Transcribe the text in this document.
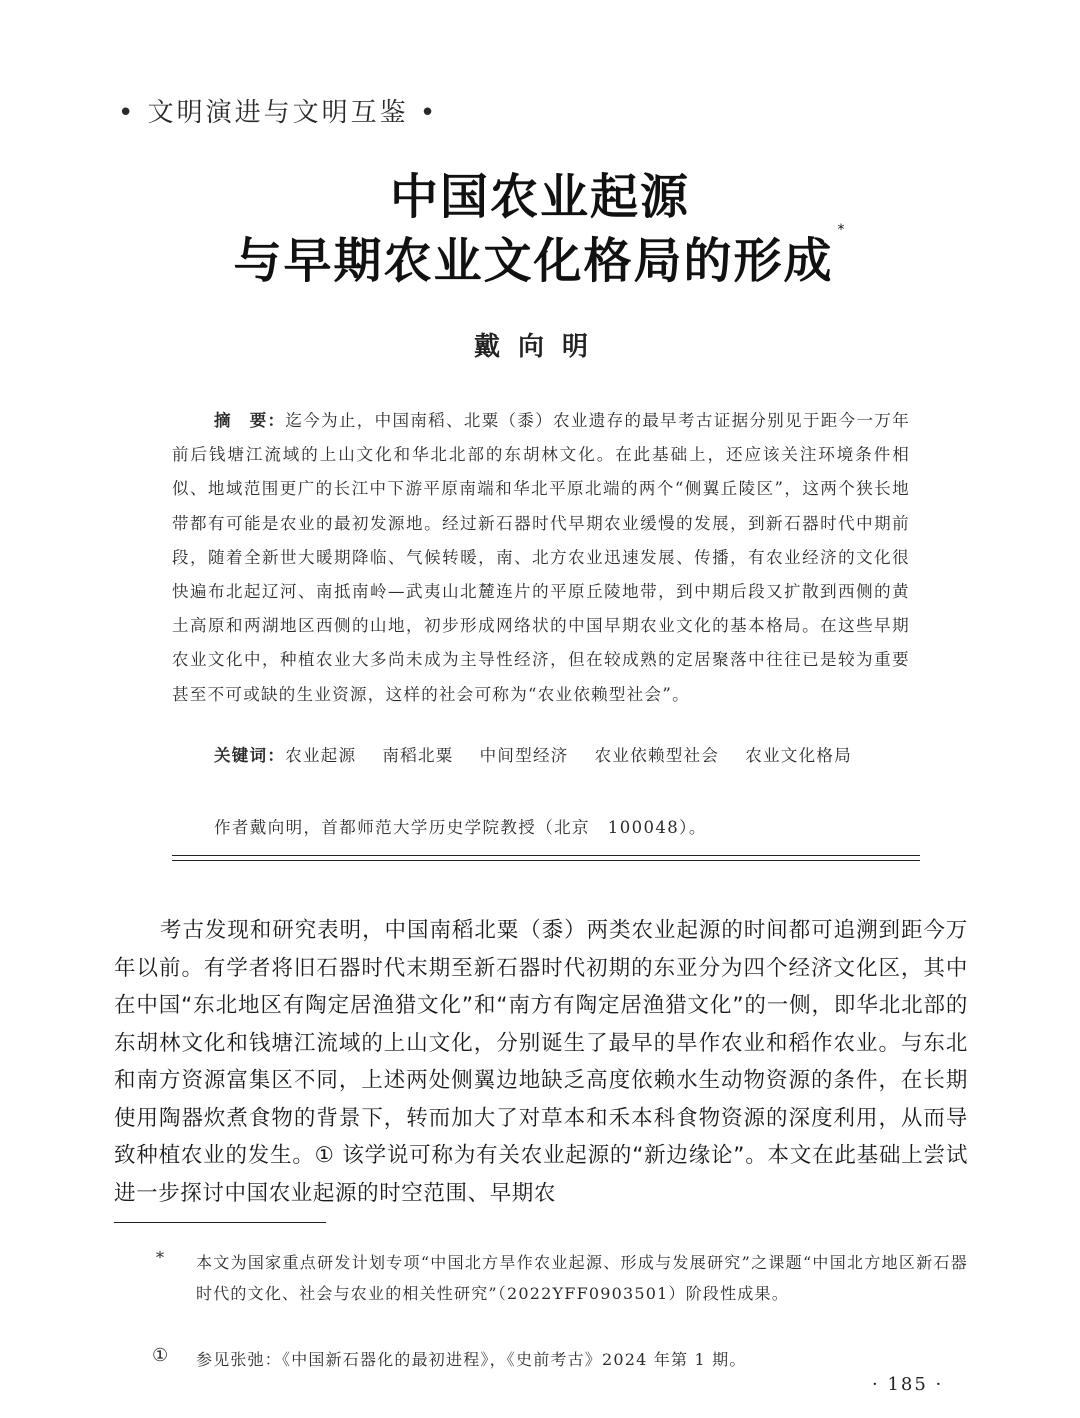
• 文明演进与文明互鉴 •
中国农业起源
与早期农业文化格局的形成*
戴向明
摘　要：迄今为止，中国南稻、北粟（黍）农业遗存的最早考古证据分别见于距今一万年前后钱塘江流域的上山文化和华北北部的东胡林文化。在此基础上，还应该关注环境条件相似、地域范围更广的长江中下游平原南端和华北平原北端的两个“侧翼丘陵区”，这两个狭长地带都有可能是农业的最初发源地。经过新石器时代早期农业缓慢的发展，到新石器时代中期前段，随着全新世大暖期降临、气候转暖，南、北方农业迅速发展、传播，有农业经济的文化很快遍布北起辽河、南抵南岭—武夷山北麓连片的平原丘陵地带，到中期后段又扩散到西侧的黄土高原和两湖地区西侧的山地，初步形成网络状的中国早期农业文化的基本格局。在这些早期农业文化中，种植农业大多尚未成为主导性经济，但在较成熟的定居聚落中往往已是较为重要甚至不可或缺的生业资源，这样的社会可称为“农业依赖型社会”。
关键词：农业起源 南稻北粟 中间型经济 农业依赖型社会 农业文化格局
作者戴向明，首都师范大学历史学院教授（北京　100048）。
考古发现和研究表明，中国南稻北粟（黍）两类农业起源的时间都可追溯到距今万年以前。有学者将旧石器时代末期至新石器时代初期的东亚分为四个经济文化区，其中在中国“东北地区有陶定居渔猎文化”和“南方有陶定居渔猎文化”的一侧，即华北北部的东胡林文化和钱塘江流域的上山文化，分别诞生了最早的旱作农业和稻作农业。与东北和南方资源富集区不同，上述两处侧翼边地缺乏高度依赖水生动物资源的条件，在长期使用陶器炊煮食物的背景下，转而加大了对草本和禾本科食物资源的深度利用，从而导致种植农业的发生。① 该学说可称为有关农业起源的“新边缘论”。本文在此基础上尝试进一步探讨中国农业起源的时空范围、早期农
* 本文为国家重点研发计划专项“中国北方旱作农业起源、形成与发展研究”之课题“中国北方地区新石器时代的文化、社会与农业的相关性研究”（2022YFF0903501）阶段性成果。
① 参见张弛：《中国新石器化的最初进程》，《史前考古》2024 年第 1 期。
· 185 ·
